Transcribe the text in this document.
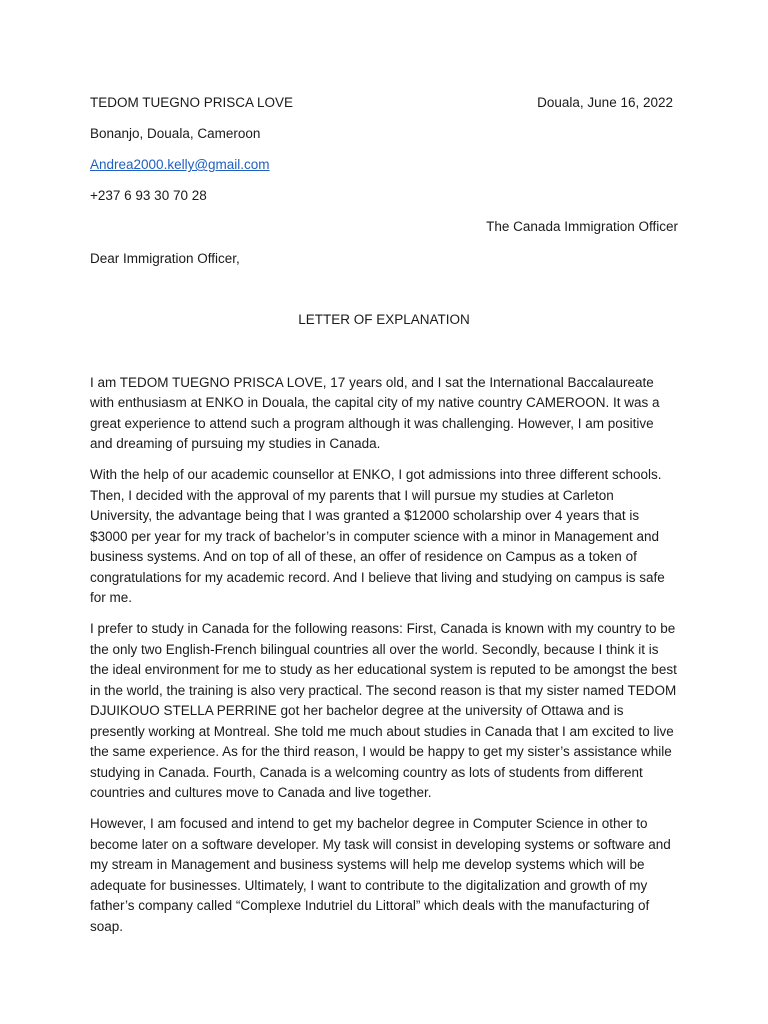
TEDOM TUEGNO PRISCA LOVE	Douala, June 16, 2022
Bonanjo, Douala, Cameroon
Andrea2000.kelly@gmail.com
+237 6 93 30 70 28
The Canada Immigration Officer
Dear Immigration Officer,
LETTER OF EXPLANATION

I am TEDOM TUEGNO PRISCA LOVE, 17 years old, and I sat the International Baccalaureate with enthusiasm at ENKO in Douala, the capital city of my native country CAMEROON. It was a great experience to attend such a program although it was challenging. However, I am positive and dreaming of pursuing my studies in Canada.

With the help of our academic counsellor at ENKO, I got admissions into three different schools. Then, I decided with the approval of my parents that I will pursue my studies at Carleton University, the advantage being that I was granted a $12000 scholarship over 4 years that is $3000 per year for my track of bachelor’s in computer science with a minor in Management and business systems. And on top of all of these, an offer of residence on Campus as a token of congratulations for my academic record. And I believe that living and studying on campus is safe for me.

I prefer to study in Canada for the following reasons: First, Canada is known with my country to be the only two English-French bilingual countries all over the world. Secondly, because I think it is the ideal environment for me to study as her educational system is reputed to be amongst the best in the world, the training is also very practical. The second reason is that my sister named TEDOM DJUIKOUO STELLA PERRINE got her bachelor degree at the university of Ottawa and is presently working at Montreal. She told me much about studies in Canada that I am excited to live the same experience. As for the third reason, I would be happy to get my sister’s assistance while studying in Canada. Fourth, Canada is a welcoming country as lots of students from different countries and cultures move to Canada and live together.

However, I am focused and intend to get my bachelor degree in Computer Science in other to become later on a software developer. My task will consist in developing systems or software and my stream in Management and business systems will help me develop systems which will be adequate for businesses. Ultimately, I want to contribute to the digitalization and growth of my father’s company called “Complexe Indutriel du Littoral” which deals with the manufacturing of soap.
